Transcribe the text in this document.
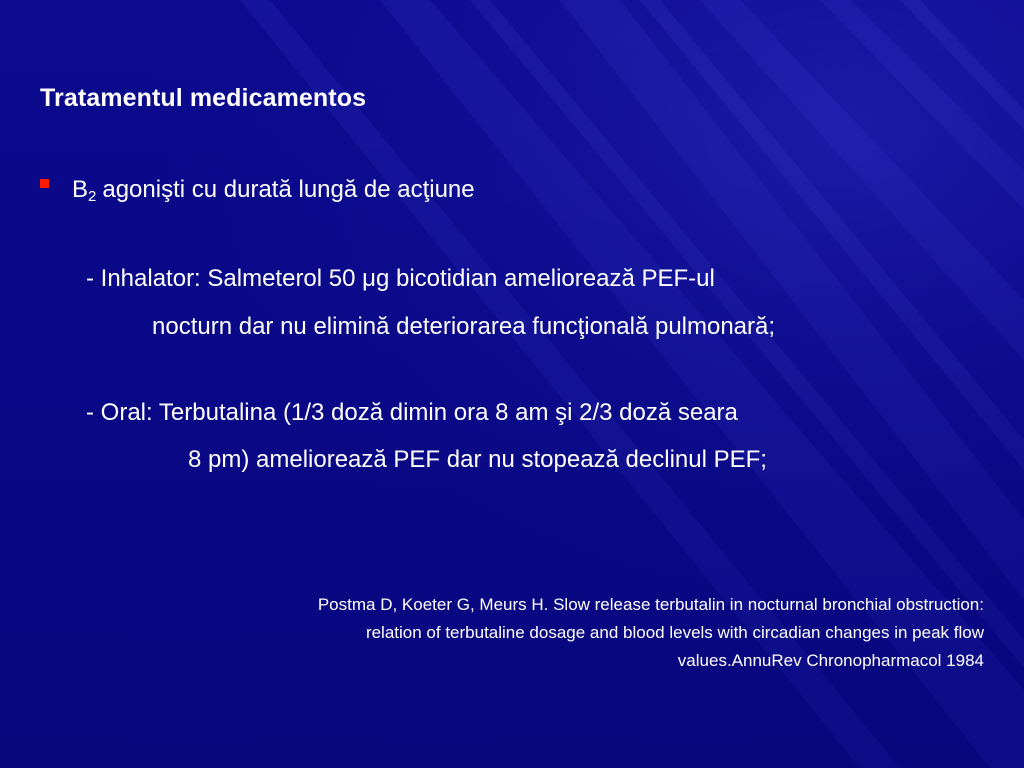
Tratamentul medicamentos
$B_2$ agonişti cu durată lungă de acţiune
- Inhalator: Salmeterol 50 μg bicotidian ameliorează PEF-ul
nocturn dar nu elimină deteriorarea funcţională pulmonară;
- Oral: Terbutalina (1/3 doză dimin ora 8 am şi 2/3 doză seara
8 pm) ameliorează PEF dar nu stopează declinul PEF;
Postma D, Koeter G, Meurs H. Slow release terbutalin in nocturnal bronchial obstruction:
relation of terbutaline dosage and blood levels with circadian changes in peak flow
values.AnnuRev Chronopharmacol 1984
